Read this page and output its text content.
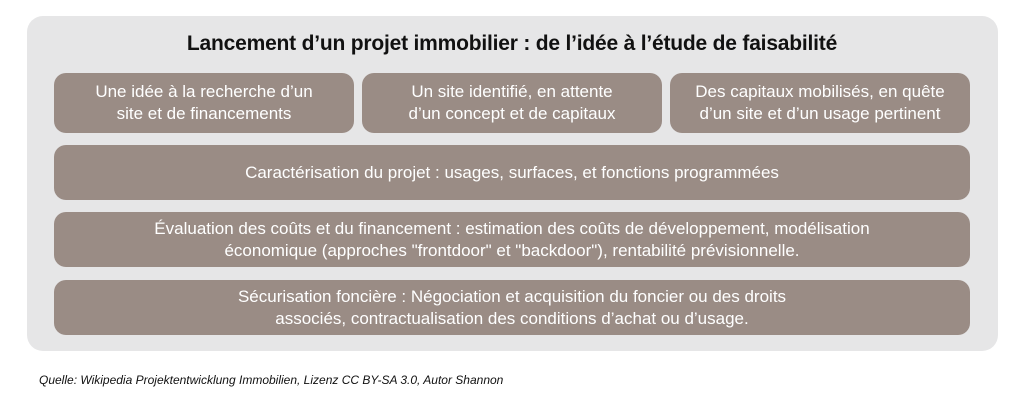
Lancement d’un projet immobilier : de l’idée à l’étude de faisabilité
Une idée à la recherche d’un
site et de financements
Un site identifié, en attente
d’un concept et de capitaux
Des capitaux mobilisés, en quête
d’un site et d’un usage pertinent
Caractérisation du projet : usages, surfaces, et fonctions programmées
Évaluation des coûts et du financement : estimation des coûts de développement, modélisation
économique (approches "frontdoor" et "backdoor"), rentabilité prévisionnelle.
Sécurisation foncière : Négociation et acquisition du foncier ou des droits
associés, contractualisation des conditions d’achat ou d’usage.
Quelle: Wikipedia Projektentwicklung Immobilien, Lizenz CC BY-SA 3.0, Autor Shannon
